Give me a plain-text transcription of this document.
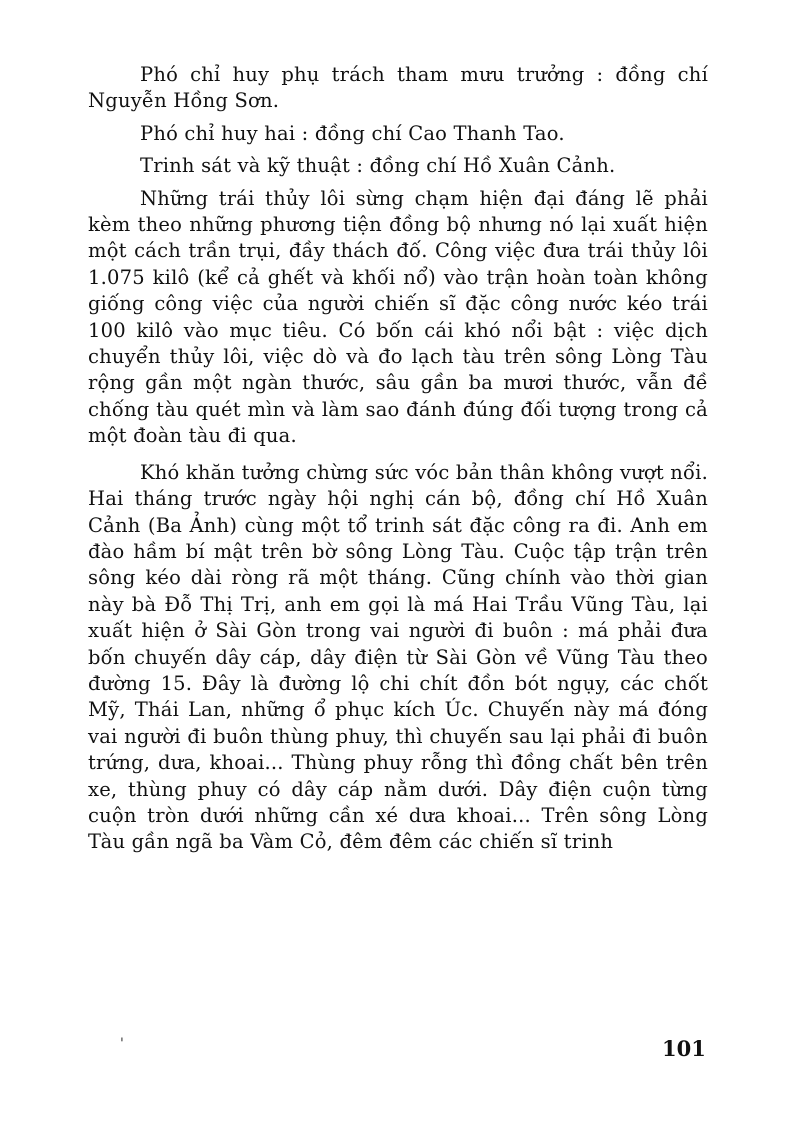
Phó chỉ huy phụ trách tham mưu trưởng : đồng chí Nguyễn Hồng Sơn.

Phó chỉ huy hai : đồng chí Cao Thanh Tao.

Trinh sát và kỹ thuật : đồng chí Hồ Xuân Cảnh.

Những trái thủy lôi sừng chạm hiện đại đáng lẽ phải kèm theo những phương tiện đồng bộ nhưng nó lại xuất hiện một cách trần trụi, đầy thách đố. Công việc đưa trái thủy lôi 1.075 kilô (kể cả ghết và khối nổ) vào trận hoàn toàn không giống công việc của người chiến sĩ đặc công nước kéo trái 100 kilô vào mục tiêu. Có bốn cái khó nổi bật : việc dịch chuyển thủy lôi, việc dò và đo lạch tàu trên sông Lòng Tàu rộng gần một ngàn thước, sâu gần ba mươi thước, vẫn đề chống tàu quét mìn và làm sao đánh đúng đối tượng trong cả một đoàn tàu đi qua.

Khó khăn tưởng chừng sức vóc bản thân không vượt nổi. Hai tháng trước ngày hội nghị cán bộ, đồng chí Hồ Xuân Cảnh (Ba Ảnh) cùng một tổ trinh sát đặc công ra đi. Anh em đào hầm bí mật trên bờ sông Lòng Tàu. Cuộc tập trận trên sông kéo dài ròng rã một tháng. Cũng chính vào thời gian này bà Đỗ Thị Trị, anh em gọi là má Hai Trầu Vũng Tàu, lại xuất hiện ở Sài Gòn trong vai người đi buôn : má phải đưa bốn chuyến dây cáp, dây điện từ Sài Gòn về Vũng Tàu theo đường 15. Đây là đường lộ chi chít đồn bót ngụy, các chốt Mỹ, Thái Lan, những ổ phục kích Úc. Chuyến này má đóng vai người đi buôn thùng phuy, thì chuyến sau lại phải đi buôn trứng, dưa, khoai... Thùng phuy rỗng thì đồng chất bên trên xe, thùng phuy có dây cáp nằm dưới. Dây điện cuộn từng cuộn tròn dưới những cần xé dưa khoai... Trên sông Lòng Tàu gần ngã ba Vàm Cỏ, đêm đêm các chiến sĩ trinh

'	101
